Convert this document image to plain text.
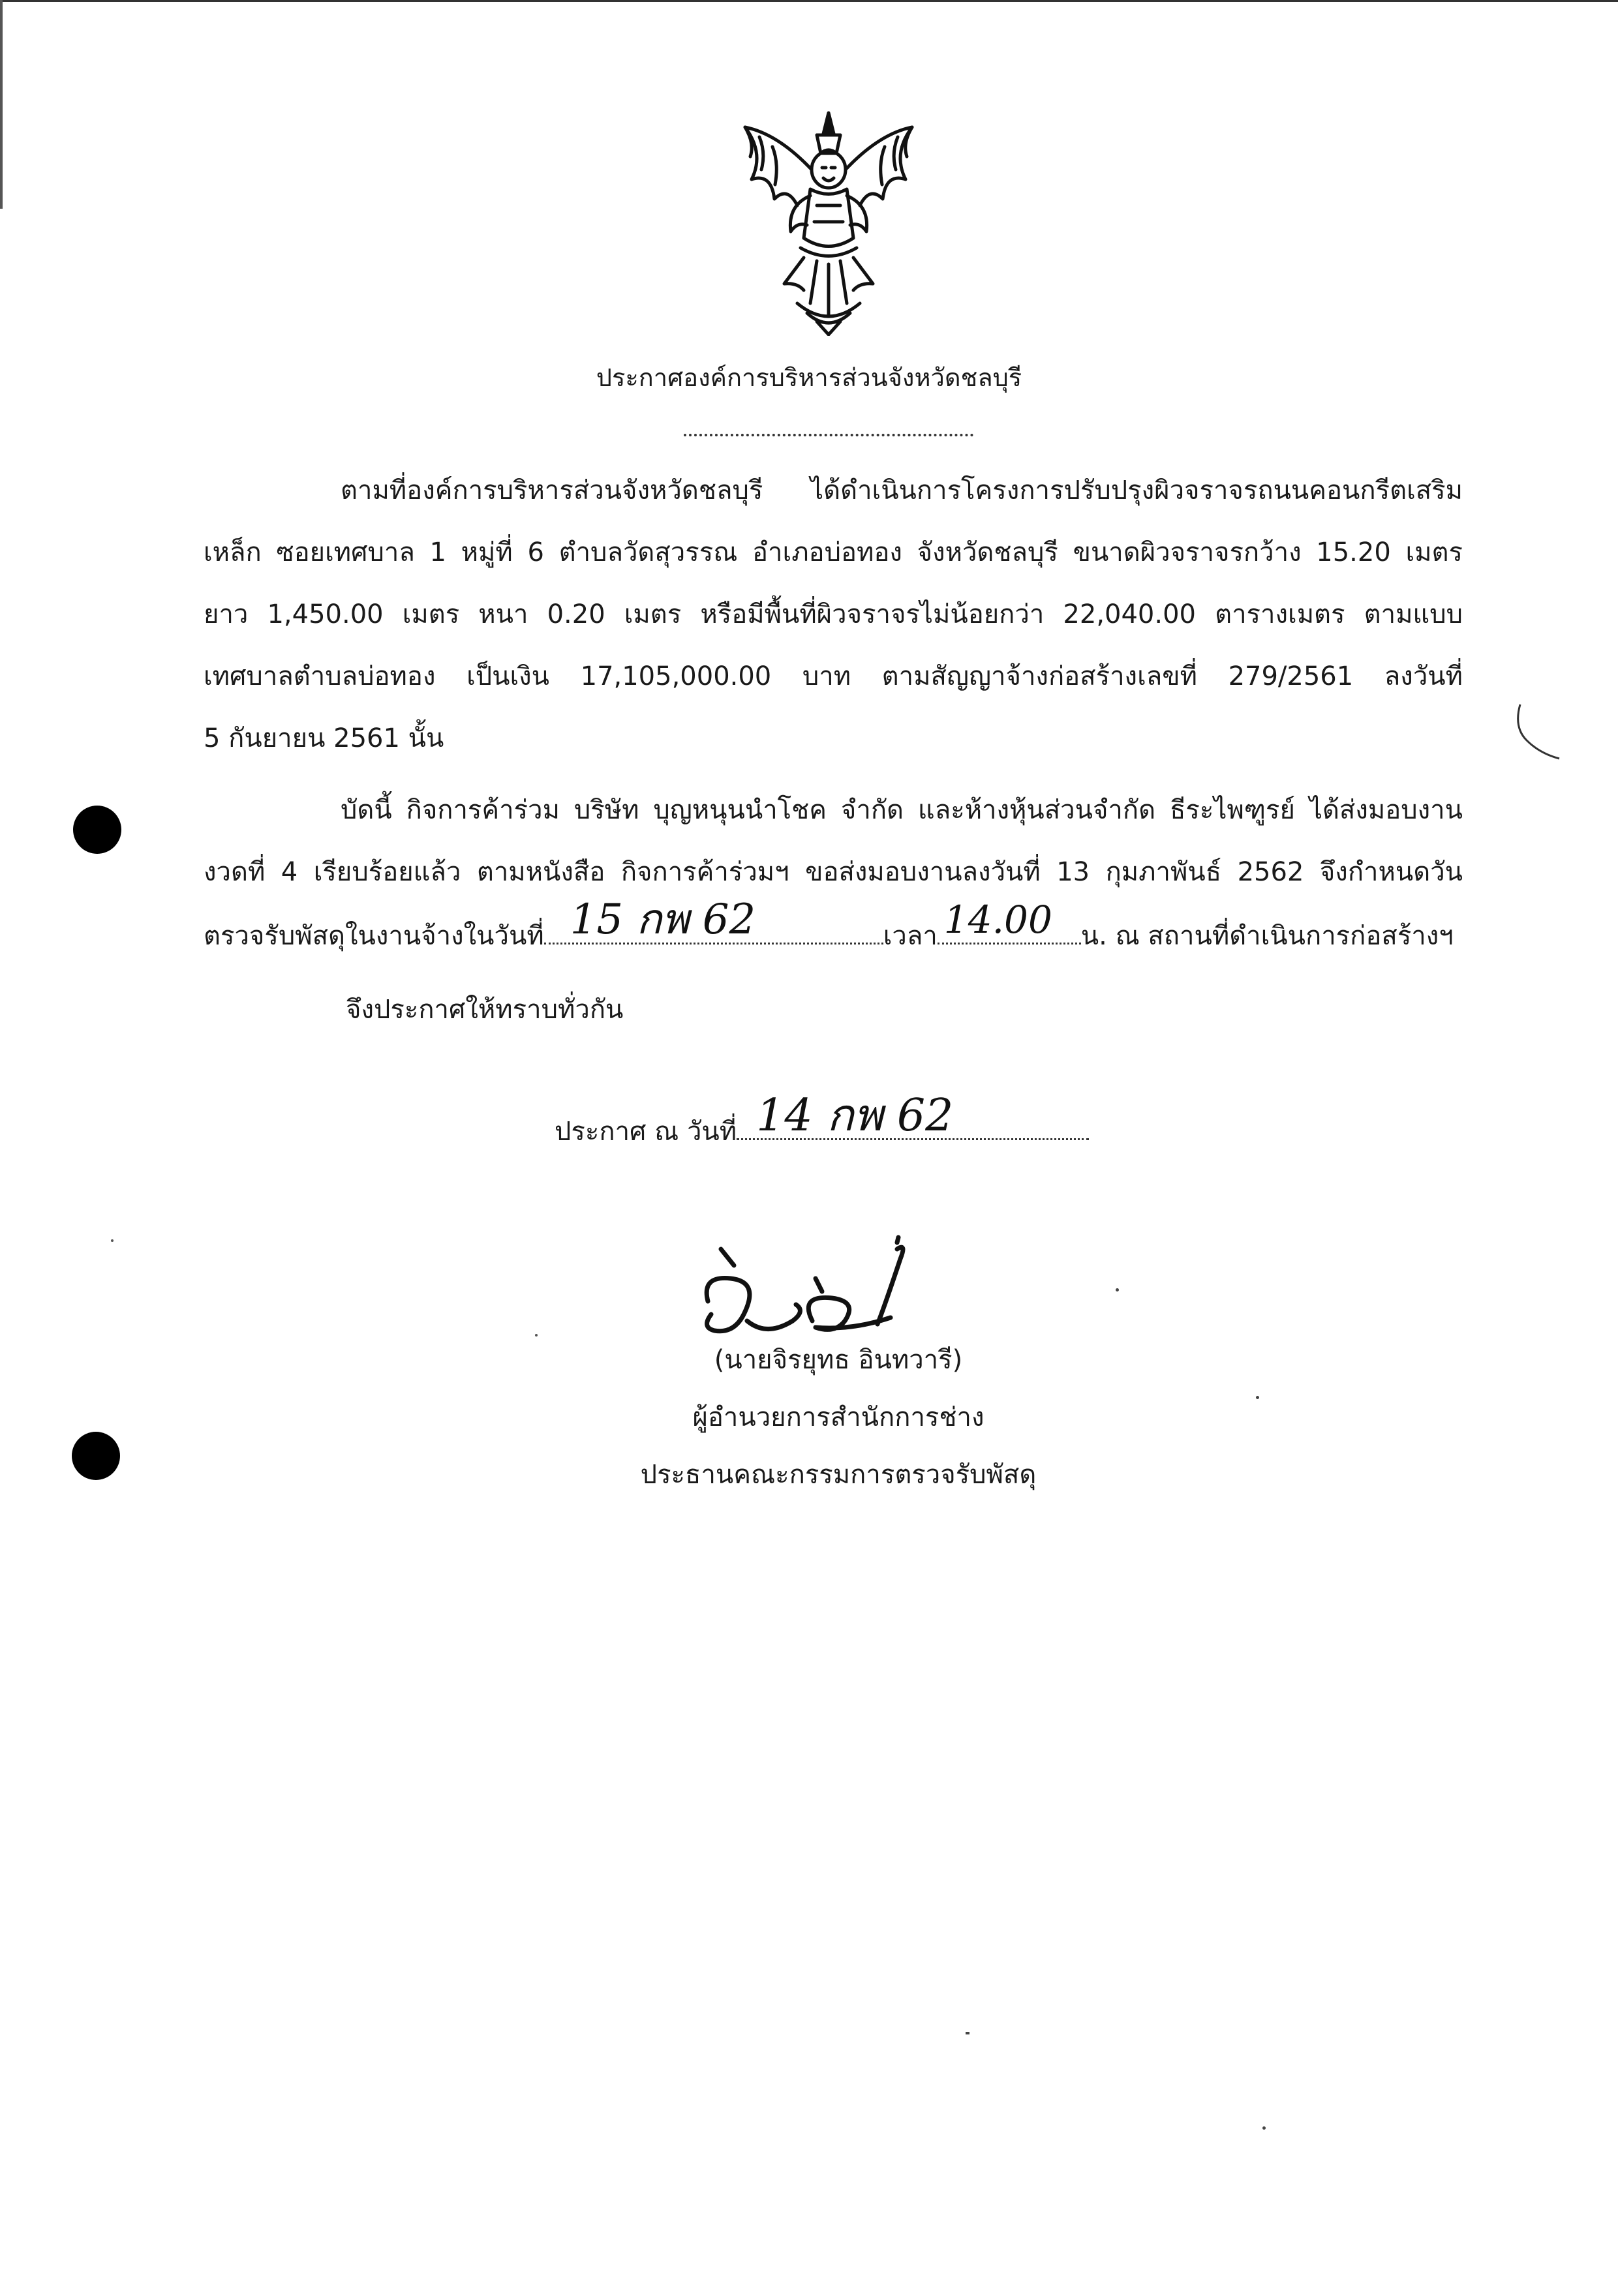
ประกาศองค์การบริหารส่วนจังหวัดชลบุรี
ตามที่องค์การบริหารส่วนจังหวัดชลบุรี ได้ดำเนินการโครงการปรับปรุงผิวจราจรถนนคอนกรีตเสริม
เหล็ก ซอยเทศบาล 1 หมู่ที่ 6 ตำบลวัดสุวรรณ อำเภอบ่อทอง จังหวัดชลบุรี ขนาดผิวจราจรกว้าง 15.20 เมตร
ยาว 1,450.00 เมตร หนา 0.20 เมตร หรือมีพื้นที่ผิวจราจรไม่น้อยกว่า 22,040.00 ตารางเมตร ตามแบบ
เทศบาลตำบลบ่อทอง เป็นเงิน 17,105,000.00 บาท ตามสัญญาจ้างก่อสร้างเลขที่ 279/2561 ลงวันที่
5 กันยายน 2561 นั้น
บัดนี้ กิจการค้าร่วม บริษัท บุญหนุนนำโชค จำกัด และห้างหุ้นส่วนจำกัด ธีระไพฑูรย์ ได้ส่งมอบงาน
งวดที่ 4 เรียบร้อยแล้ว ตามหนังสือ กิจการค้าร่วมฯ ขอส่งมอบงานลงวันที่ 13 กุมภาพันธ์ 2562 จึงกำหนดวัน
ตรวจรับพัสดุในงานจ้างในวันที่ 15 กพ 62	เวลา 14.00 น. ณ สถานที่ดำเนินการก่อสร้างฯ
จึงประกาศให้ทราบทั่วกัน
ประกาศ ณ วันที่ 14 กพ 62
(นายจิรยุทธ อินทวารี)
ผู้อำนวยการสำนักการช่าง
ประธานคณะกรรมการตรวจรับพัสดุ
